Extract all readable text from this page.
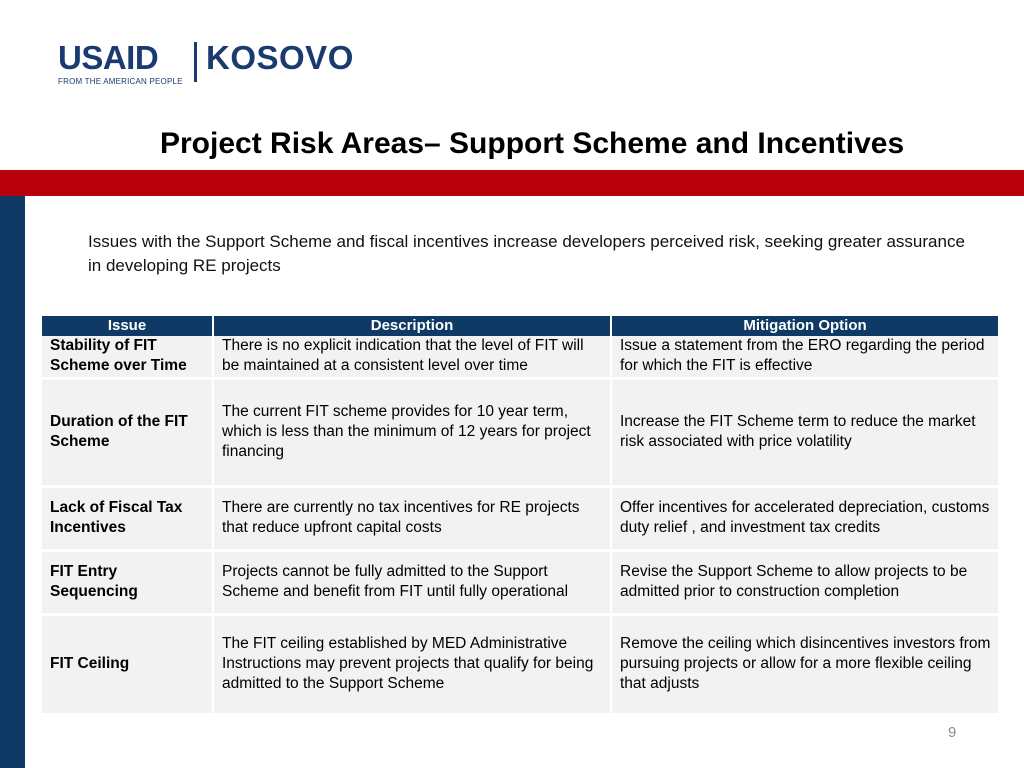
USAID
FROM THE AMERICAN PEOPLE
KOSOVO
Project Risk Areas– Support Scheme and Incentives
Issues with the Support Scheme and fiscal incentives increase developers perceived risk, seeking greater assurance in developing RE projects
Issue	Description	Mitigation Option
Stability of FIT Scheme over Time	There is no explicit indication that the level of FIT will be maintained at a consistent level over time	Issue a statement from the ERO regarding the period for which the FIT is effective
Duration of the FIT Scheme	The current FIT scheme provides for 10 year term, which is less than the minimum of 12 years for project financing	Increase the FIT Scheme term to reduce the market risk associated with price volatility
Lack of Fiscal Tax Incentives	There are currently no tax incentives for RE projects that reduce upfront capital costs	Offer incentives for accelerated depreciation, customs duty relief , and investment tax credits
FIT Entry Sequencing	Projects cannot be fully admitted to the Support Scheme and benefit from FIT until fully operational	Revise the Support Scheme to allow projects to be admitted prior to construction completion
FIT Ceiling	The FIT ceiling established by MED Administrative Instructions may prevent projects that qualify for being admitted to the Support Scheme	Remove the ceiling which disincentives investors from pursuing projects or allow for a more flexible ceiling that adjusts
9
